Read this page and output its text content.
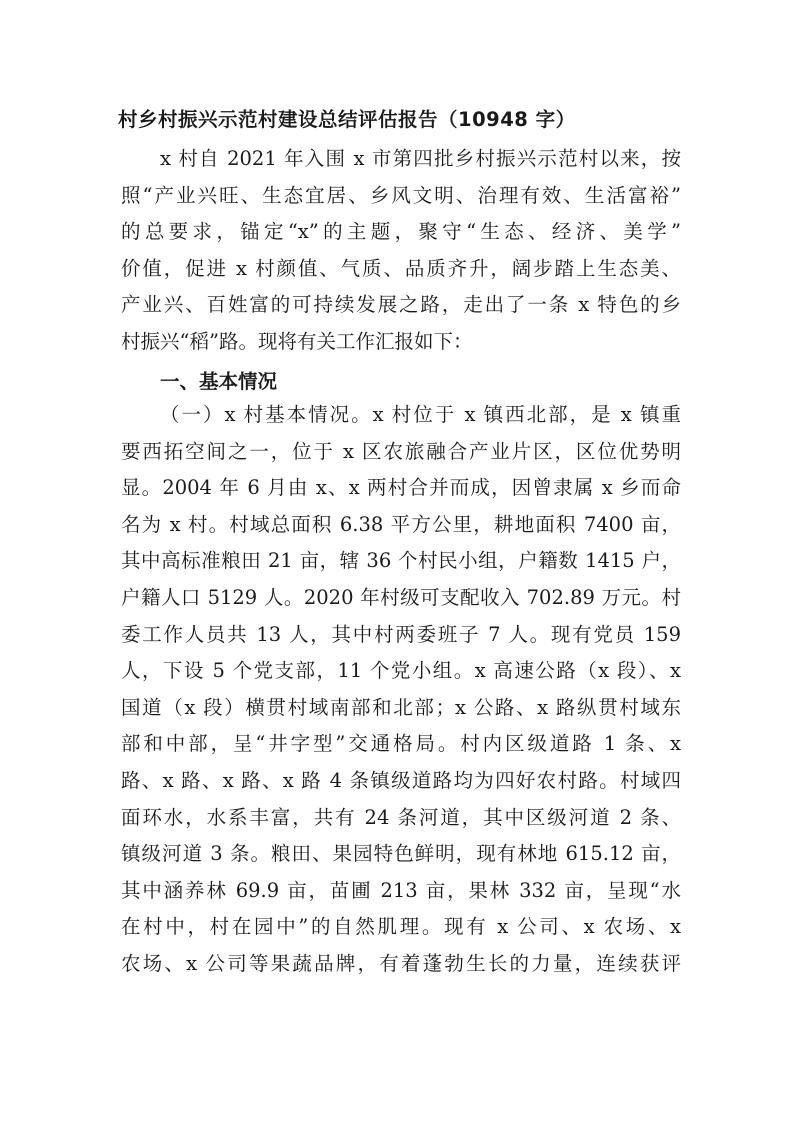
村乡村振兴示范村建设总结评估报告（10948 字）
x 村自 2021 年入围 x 市第四批乡村振兴示范村以来，按
照“产业兴旺、生态宜居、乡风文明、治理有效、生活富裕”
的总要求，锚定“x”的主题，聚守“生态、经济、美学”
价值，促进 x 村颜值、气质、品质齐升，阔步踏上生态美、
产业兴、百姓富的可持续发展之路，走出了一条 x 特色的乡
村振兴“稻”路。现将有关工作汇报如下：
一、基本情况
（一）x 村基本情况。x 村位于 x 镇西北部，是 x 镇重
要西拓空间之一，位于 x 区农旅融合产业片区，区位优势明
显。2004 年 6 月由 x、x 两村合并而成，因曾隶属 x 乡而命
名为 x 村。村域总面积 6.38 平方公里，耕地面积 7400 亩，
其中高标准粮田 21 亩，辖 36 个村民小组，户籍数 1415 户，
户籍人口 5129 人。2020 年村级可支配收入 702.89 万元。村
委工作人员共 13 人，其中村两委班子 7 人。现有党员 159
人，下设 5 个党支部，11 个党小组。x 高速公路（x 段）、x
国道（x 段）横贯村域南部和北部；x 公路、x 路纵贯村域东
部和中部，呈“井字型”交通格局。村内区级道路 1 条、x
路、x 路、x 路、x 路 4 条镇级道路均为四好农村路。村域四
面环水，水系丰富，共有 24 条河道，其中区级河道 2 条、
镇级河道 3 条。粮田、果园特色鲜明，现有林地 615.12 亩，
其中涵养林 69.9 亩，苗圃 213 亩，果林 332 亩，呈现“水
在村中，村在园中”的自然肌理。现有 x 公司、x 农场、x
农场、x 公司等果蔬品牌，有着蓬勃生长的力量，连续获评
